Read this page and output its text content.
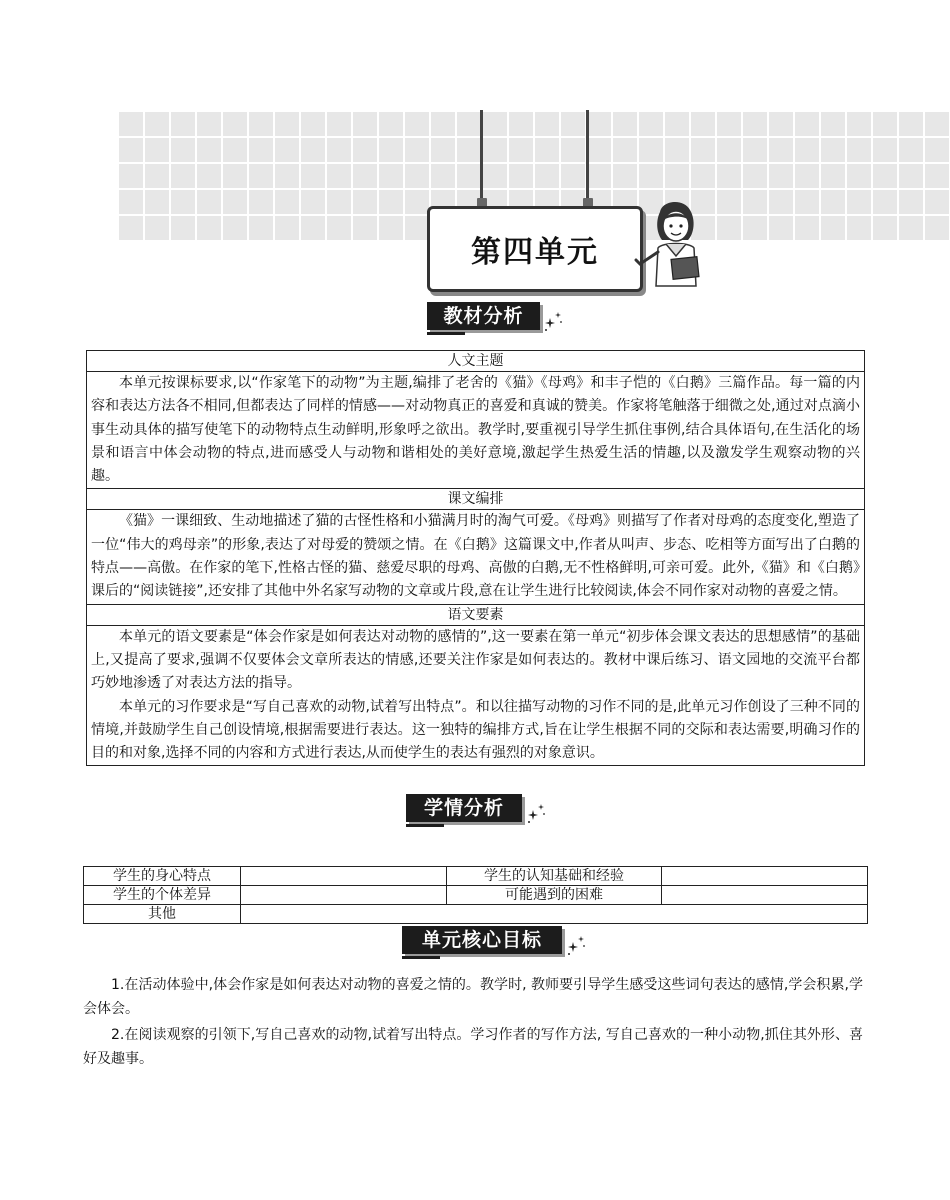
第四单元
教材分析
人文主题

本单元按课标要求,以“作家笔下的动物”为主题,编排了老舍的《猫》《母鸡》和丰子恺的《白鹅》三篇作品。每一篇的内容和表达方法各不相同,但都表达了同样的情感——对动物真正的喜爱和真诚的赞美。作家将笔触落于细微之处,通过对点滴小事生动具体的描写使笔下的动物特点生动鲜明,形象呼之欲出。教学时,要重视引导学生抓住事例,结合具体语句,在生活化的场景和语言中体会动物的特点,进而感受人与动物和谐相处的美好意境,激起学生热爱生活的情趣,以及激发学生观察动物的兴趣。

课文编排

《猫》一课细致、生动地描述了猫的古怪性格和小猫满月时的淘气可爱。《母鸡》则描写了作者对母鸡的态度变化,塑造了一位“伟大的鸡母亲”的形象,表达了对母爱的赞颂之情。在《白鹅》这篇课文中,作者从叫声、步态、吃相等方面写出了白鹅的特点——高傲。在作家的笔下,性格古怪的猫、慈爱尽职的母鸡、高傲的白鹅,无不性格鲜明,可亲可爱。此外,《猫》和《白鹅》课后的“阅读链接”,还安排了其他中外名家写动物的文章或片段,意在让学生进行比较阅读,体会不同作家对动物的喜爱之情。

语文要素

本单元的语文要素是“体会作家是如何表达对动物的感情的”,这一要素在第一单元“初步体会课文表达的思想感情”的基础上,又提高了要求,强调不仅要体会文章所表达的情感,还要关注作家是如何表达的。教材中课后练习、语文园地的交流平台都巧妙地渗透了对表达方法的指导。

本单元的习作要求是“写自己喜欢的动物,试着写出特点”。和以往描写动物的习作不同的是,此单元习作创设了三种不同的情境,并鼓励学生自己创设情境,根据需要进行表达。这一独特的编排方式,旨在让学生根据不同的交际和表达需要,明确习作的目的和对象,选择不同的内容和方式进行表达,从而使学生的表达有强烈的对象意识。

学情分析
学生的身心特点		学生的认知基础和经验	
学生的个体差异		可能遇到的困难	
其他			
单元核心目标

1.在活动体验中,体会作家是如何表达对动物的喜爱之情的。教学时, 教师要引导学生感受这些词句表达的感情,学会积累,学会体会。

2.在阅读观察的引领下,写自己喜欢的动物,试着写出特点。学习作者的写作方法, 写自己喜欢的一种小动物,抓住其外形、喜好及趣事。
